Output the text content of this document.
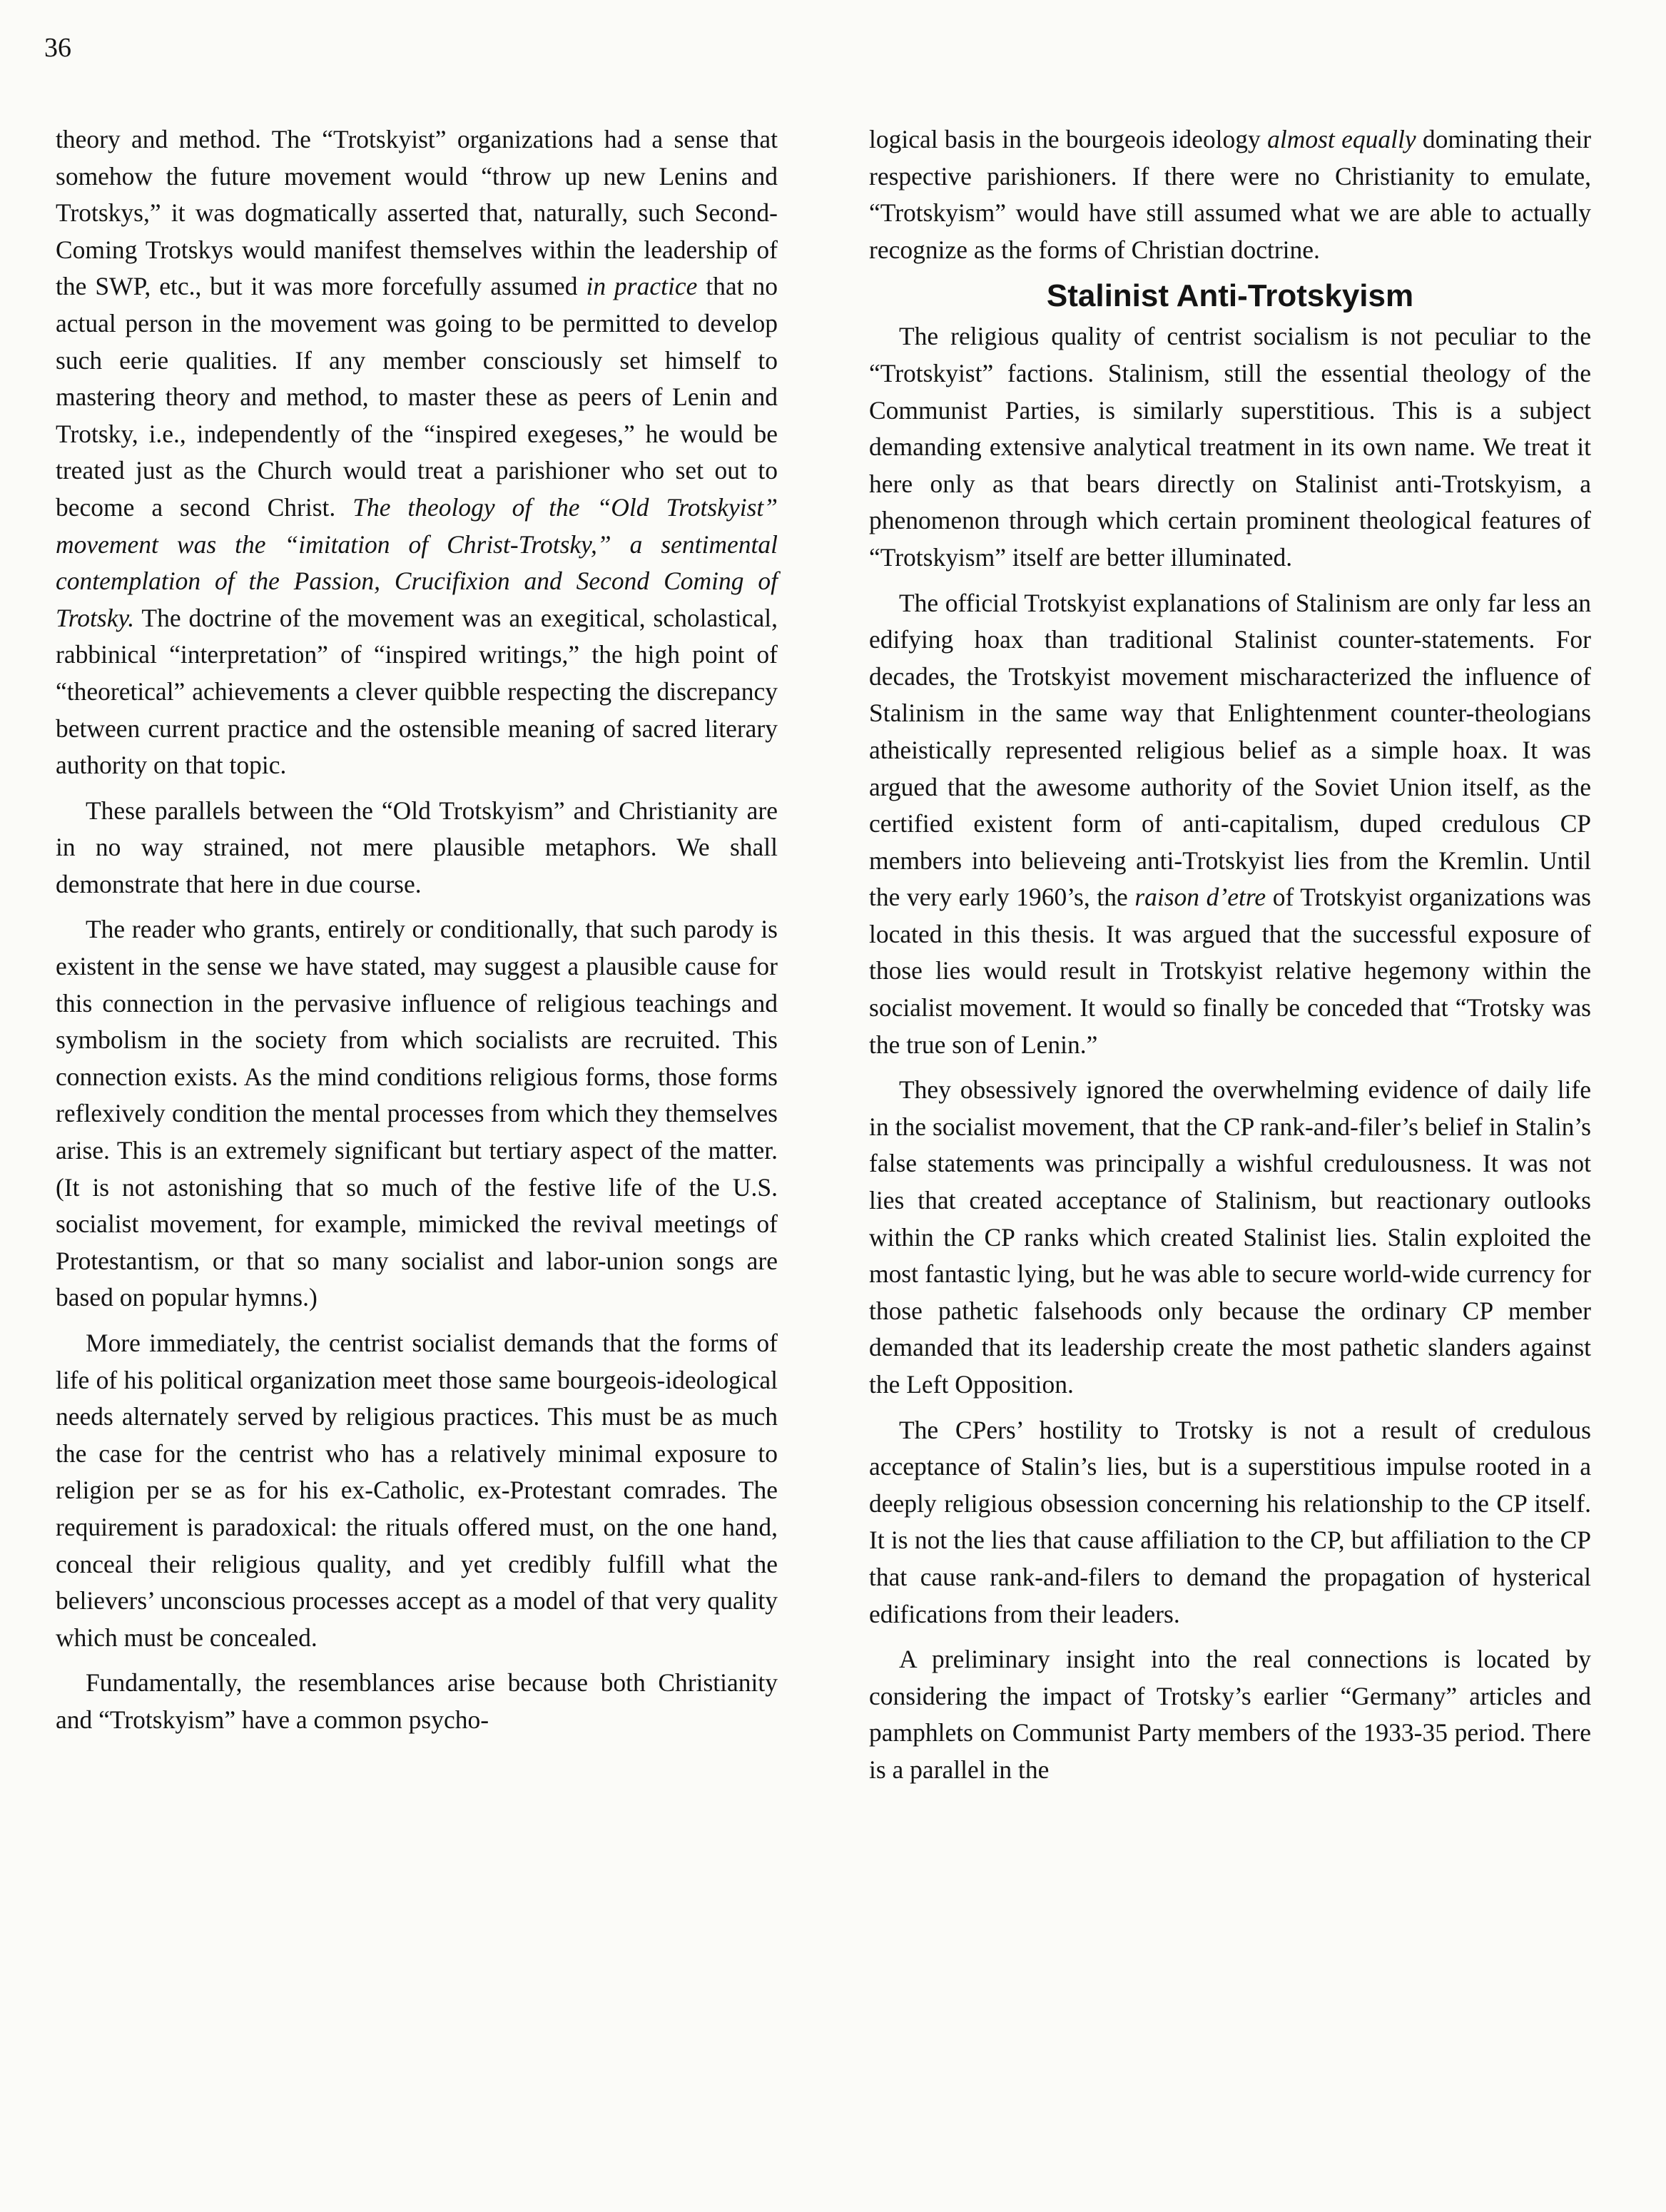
36

theory and method. The “Trotskyist” organizations had a sense that somehow the future movement would “throw up new Lenins and Trotskys,” it was dogmatically asserted that, naturally, such Second-Coming Trotskys would manifest themselves within the leadership of the SWP, etc., but it was more forcefully assumed in practice that no actual person in the movement was going to be permitted to develop such eerie qualities. If any member consciously set himself to mastering theory and method, to master these as peers of Lenin and Trotsky, i.e., independently of the “inspired exegeses,” he would be treated just as the Church would treat a parishioner who set out to become a second Christ. The theology of the “Old Trotskyist” movement was the “imitation of Christ-Trotsky,” a sentimental contemplation of the Passion, Crucifixion and Second Coming of Trotsky. The doctrine of the movement was an exegitical, scholastical, rabbinical “interpretation” of “inspired writings,” the high point of “theoretical” achievements a clever quibble respecting the discrepancy between current practice and the ostensible meaning of sacred literary authority on that topic.

These parallels between the “Old Trotskyism” and Christianity are in no way strained, not mere plausible metaphors. We shall demonstrate that here in due course.

The reader who grants, entirely or conditionally, that such parody is existent in the sense we have stated, may suggest a plausible cause for this connection in the pervasive influence of religious teachings and symbolism in the society from which socialists are recruited. This connection exists. As the mind conditions religious forms, those forms reflexively condition the mental processes from which they themselves arise. This is an extremely significant but tertiary aspect of the matter. (It is not astonishing that so much of the festive life of the U.S. socialist movement, for example, mimicked the revival meetings of Protestantism, or that so many socialist and labor-union songs are based on popular hymns.)

More immediately, the centrist socialist demands that the forms of life of his political organization meet those same bourgeois-ideological needs alternately served by religious practices. This must be as much the case for the centrist who has a relatively minimal exposure to religion per se as for his ex-Catholic, ex-Protestant comrades. The requirement is paradoxical: the rituals offered must, on the one hand, conceal their religious quality, and yet credibly fulfill what the believers’ unconscious processes accept as a model of that very quality which must be concealed.

Fundamentally, the resemblances arise because both Christianity and “Trotskyism” have a common psycho-

logical basis in the bourgeois ideology almost equally dominating their respective parishioners. If there were no Christianity to emulate, “Trotskyism” would have still assumed what we are able to actually recognize as the forms of Christian doctrine.

Stalinist Anti-Trotskyism

The religious quality of centrist socialism is not peculiar to the “Trotskyist” factions. Stalinism, still the essential theology of the Communist Parties, is similarly superstitious. This is a subject demanding extensive analytical treatment in its own name. We treat it here only as that bears directly on Stalinist anti-Trotskyism, a phenomenon through which certain prominent theological features of “Trotskyism” itself are better illuminated.

The official Trotskyist explanations of Stalinism are only far less an edifying hoax than traditional Stalinist counter-statements. For decades, the Trotskyist movement mischaracterized the influence of Stalinism in the same way that Enlightenment counter-theologians atheistically represented religious belief as a simple hoax. It was argued that the awesome authority of the Soviet Union itself, as the certified existent form of anti-capitalism, duped credulous CP members into believeing anti-Trotskyist lies from the Kremlin. Until the very early 1960’s, the raison d’etre of Trotskyist organizations was located in this thesis. It was argued that the successful exposure of those lies would result in Trotskyist relative hegemony within the socialist movement. It would so finally be conceded that “Trotsky was the true son of Lenin.”

They obsessively ignored the overwhelming evidence of daily life in the socialist movement, that the CP rank-and-filer’s belief in Stalin’s false statements was principally a wishful credulousness. It was not lies that created acceptance of Stalinism, but reactionary outlooks within the CP ranks which created Stalinist lies. Stalin exploited the most fantastic lying, but he was able to secure world-wide currency for those pathetic falsehoods only because the ordinary CP member demanded that its leadership create the most pathetic slanders against the Left Opposition.

The CPers’ hostility to Trotsky is not a result of credulous acceptance of Stalin’s lies, but is a superstitious impulse rooted in a deeply religious obsession concerning his relationship to the CP itself. It is not the lies that cause affiliation to the CP, but affiliation to the CP that cause rank-and-filers to demand the propagation of hysterical edifications from their leaders.

A preliminary insight into the real connections is located by considering the impact of Trotsky’s earlier “Germany” articles and pamphlets on Communist Party members of the 1933-35 period. There is a parallel in the
